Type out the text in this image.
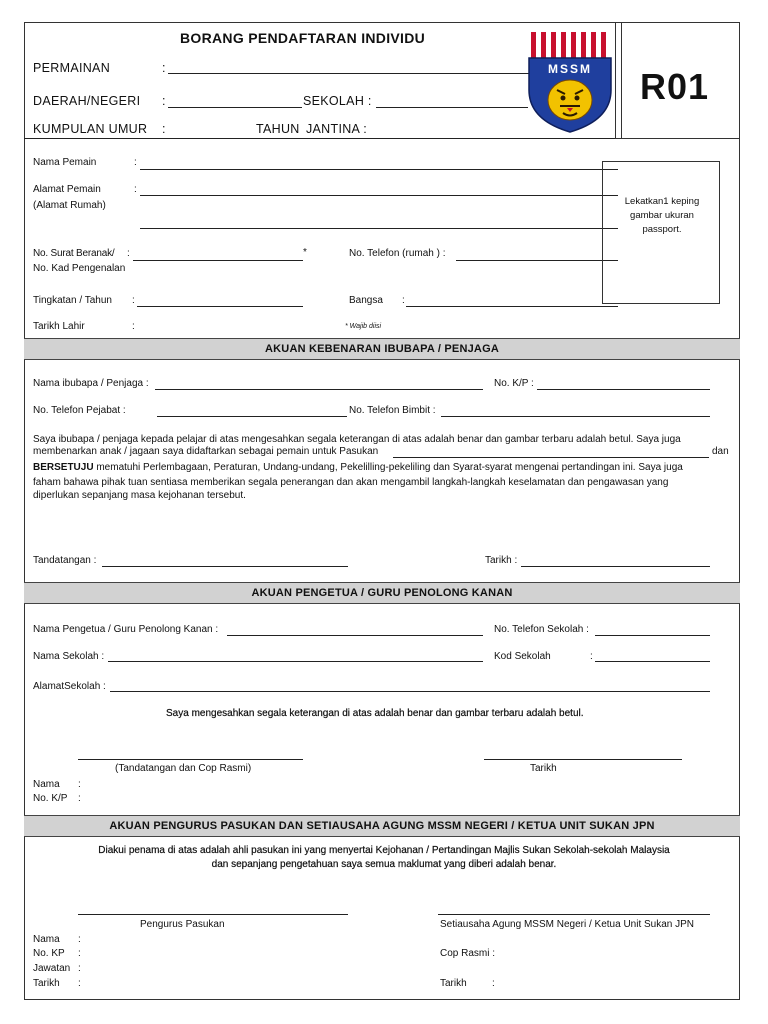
BORANG PENDAFTARAN INDIVIDU
PERMAINAN	:
DAERAH/NEGERI :	SEKOLAH :
KUMPULAN UMUR :	TAHUN JANTINA :
MSSM R01
Nama Pemain	:
Alamat Pemain
(Alamat Rumah)
:
No. Surat Beranak/
No. Kad Pengenalan
:	*	No. Telefon (rumah ) :
Tingkatan / Tahun :	Bangsa :
Tarikh Lahir	:	* Wajib diisi
Lekatkan1 keping gambar ukuran passport.
AKUAN KEBENARAN IBUBAPA / PENJAGA
Nama ibubapa / Penjaga :	No. K/P :
No. Telefon Pejabat :	No. Telefon Bimbit :
Saya ibubapa / penjaga kepada pelajar di atas mengesahkan segala keterangan di atas adalah benar dan gambar terbaru adalah betul. Saya juga
membenarkan anak / jagaan saya didaftarkan sebagai pemain untuk Pasukan	dan
BERSETUJU mematuhi Perlembagaan, Peraturan, Undang-undang, Pekelilling-pekeliling dan Syarat-syarat mengenai pertandingan ini. Saya juga
faham bahawa pihak tuan sentiasa memberikan segala penerangan dan akan mengambil langkah-langkah keselamatan dan pengawasan yang
diperlukan sepanjang masa kejohanan tersebut.
Tandatangan :	Tarikh :
AKUAN PENGETUA / GURU PENOLONG KANAN
Nama Pengetua / Guru Penolong Kanan :	No. Telefon Sekolah :
Nama Sekolah :	Kod Sekolah	:
AlamatSekolah :
Saya mengesahkan segala keterangan di atas adalah benar dan gambar terbaru adalah betul.
(Tandatangan dan Cop Rasmi)	Tarikh
Nama :
No. K/P :
AKUAN PENGURUS PASUKAN DAN SETIAUSAHA AGUNG MSSM NEGERI / KETUA UNIT SUKAN JPN
Diakui penama di atas adalah ahli pasukan ini yang menyertai Kejohanan / Pertandingan Majlis Sukan Sekolah-sekolah Malaysia
dan sepanjang pengetahuan saya semua maklumat yang diberi adalah benar.
Pengurus Pasukan	Setiausaha Agung MSSM Negeri / Ketua Unit Sukan JPN
Nama :
No. KP :
Jawatan :
Tarikh :
Cop Rasmi :
Tarikh	:
